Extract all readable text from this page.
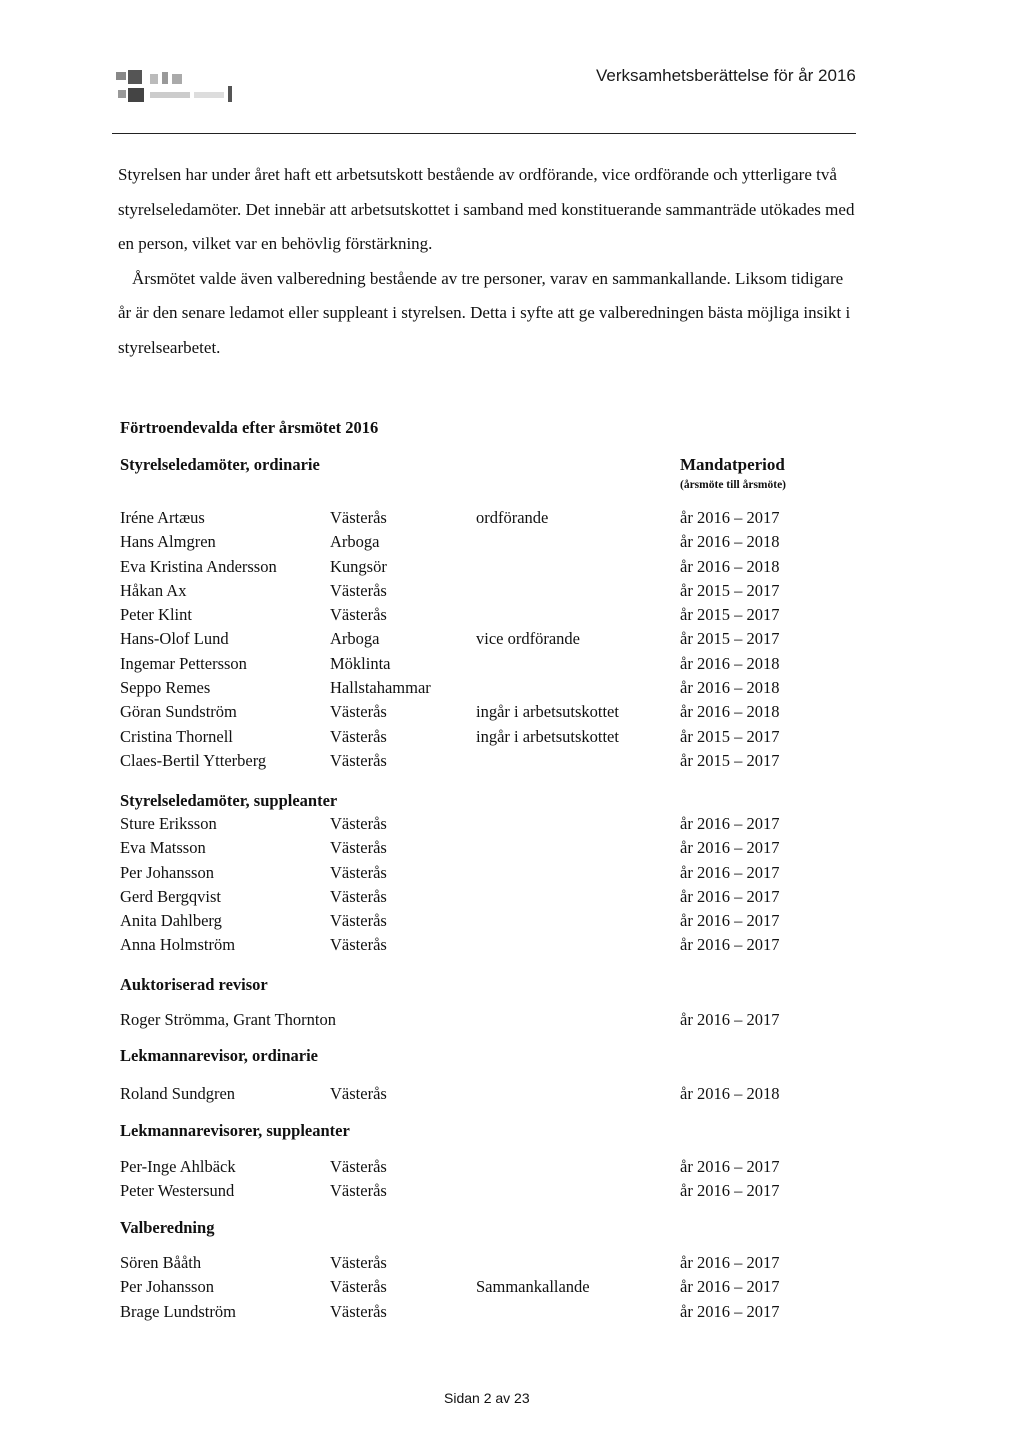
Verksamhetsberättelse för år 2016

Styrelsen har under året haft ett arbetsutskott bestående av ordförande, vice ordförande och ytterligare två styrelseledamöter. Det innebär att arbetsutskottet i samband med konstituerande sammanträde utökades med en person, vilket var en behövlig förstärkning.

Årsmötet valde även valberedning bestående av tre personer, varav en sammankallande. Liksom tidigare år är den senare ledamot eller suppleant i styrelsen. Detta i syfte att ge valberedningen bästa möjliga insikt i styrelsearbetet.

Förtroendevalda efter årsmötet 2016
Styrelseledamöter, ordinarie	Mandatperiod
(årsmöte till årsmöte)
Iréne Artæus	Västerås	ordförande	år 2016 – 2017
Hans Almgren	Arboga	år 2016 – 2018
Eva Kristina Andersson	Kungsör	år 2016 – 2018
Håkan Ax	Västerås	år 2015 – 2017
Peter Klint	Västerås	år 2015 – 2017
Hans-Olof Lund	Arboga	vice ordförande	år 2015 – 2017
Ingemar Pettersson	Möklinta	år 2016 – 2018
Seppo Remes	Hallstahammar	år 2016 – 2018
Göran Sundström	Västerås	ingår i arbetsutskottet	år 2016 – 2018
Cristina Thornell	Västerås	ingår i arbetsutskottet	år 2015 – 2017
Claes-Bertil Ytterberg	Västerås	år 2015 – 2017
Styrelseledamöter, suppleanter
Sture Eriksson	Västerås	år 2016 – 2017
Eva Matsson	Västerås	år 2016 – 2017
Per Johansson	Västerås	år 2016 – 2017
Gerd Bergqvist	Västerås	år 2016 – 2017
Anita Dahlberg	Västerås	år 2016 – 2017
Anna Holmström	Västerås	år 2016 – 2017
Auktoriserad revisor
Roger Strömma, Grant Thornton	år 2016 – 2017
Lekmannarevisor, ordinarie
Roland Sundgren	Västerås	år 2016 – 2018
Lekmannarevisorer, suppleanter
Per-Inge Ahlbäck	Västerås	år 2016 – 2017
Peter Westersund	Västerås	år 2016 – 2017
Valberedning
Sören Bååth	Västerås	år 2016 – 2017
Per Johansson	Västerås	Sammankallande	år 2016 – 2017
Brage Lundström	Västerås	år 2016 – 2017
Sidan 2 av 23
